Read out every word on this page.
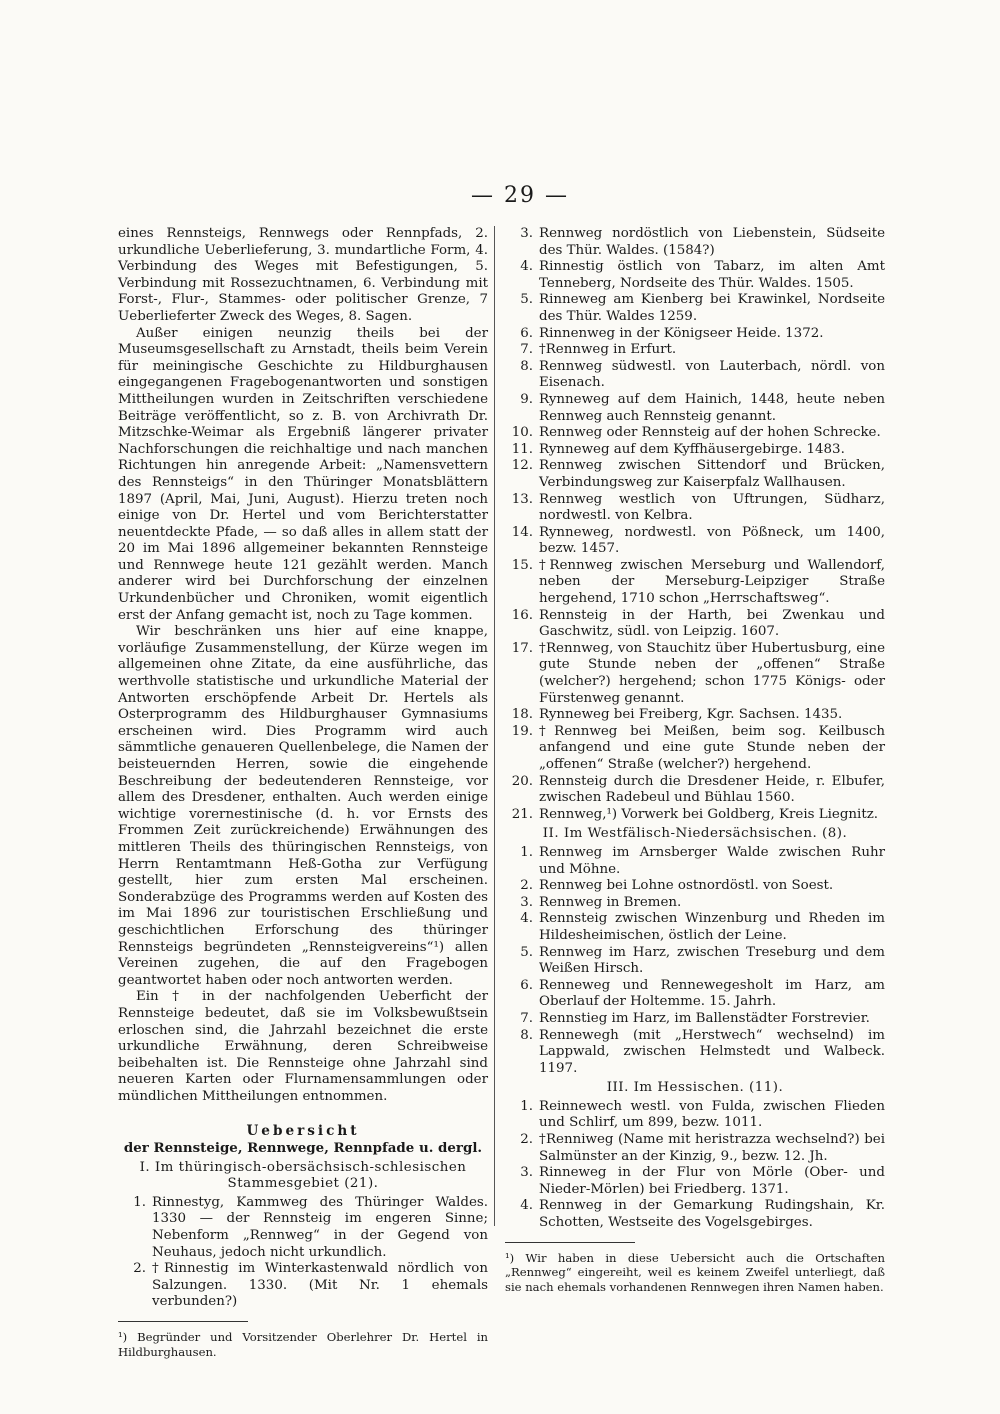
— 29 —

eines Rennsteigs, Rennwegs oder Rennpfads, 2. urkundliche Ueberlieferung, 3. mundartliche Form, 4. Verbindung des Weges mit Befestigungen, 5. Verbindung mit Rossezuchtnamen, 6. Verbindung mit Forst-, Flur-, Stammes- oder politischer Grenze, 7 Ueberlieferter Zweck des Weges, 8. Sagen.

Außer einigen neunzig theils bei der Museumsgesellschaft zu Arnstadt, theils beim Verein für meiningische Geschichte zu Hildburghausen eingegangenen Fragebogenantworten und sonstigen Mittheilungen wurden in Zeitschriften verschiedene Beiträge veröffentlicht, so z. B. von Archivrath Dr. Mitzschke-Weimar als Ergebniß längerer privater Nachforschungen die reichhaltige und nach manchen Richtungen hin anregende Arbeit: „Namensvettern des Rennsteigs“ in den Thüringer Monatsblättern 1897 (April, Mai, Juni, August). Hierzu treten noch einige von Dr. Hertel und vom Berichterstatter neuentdeckte Pfade, — so daß alles in allem statt der 20 im Mai 1896 allgemeiner bekannten Rennsteige und Rennwege heute 121 gezählt werden. Manch anderer wird bei Durchforschung der einzelnen Urkundenbücher und Chroniken, womit eigentlich erst der Anfang gemacht ist, noch zu Tage kommen.

Wir beschränken uns hier auf eine knappe, vorläufige Zusammenstellung, der Kürze wegen im allgemeinen ohne Zitate, da eine ausführliche, das werthvolle statistische und urkundliche Material der Antworten erschöpfende Arbeit Dr. Hertels als Osterprogramm des Hildburghauser Gymnasiums erscheinen wird. Dies Programm wird auch sämmtliche genaueren Quellenbelege, die Namen der beisteuernden Herren, sowie die eingehende Beschreibung der bedeutenderen Rennsteige, vor allem des Dresdener, enthalten. Auch werden einige wichtige vorernestinische (d. h. vor Ernsts des Frommen Zeit zurückreichende) Erwähnungen des mittleren Theils des thüringischen Rennsteigs, von Herrn Rentamtmann Heß-Gotha zur Verfügung gestellt, hier zum ersten Mal erscheinen. Sonderabzüge des Programms werden auf Kosten des im Mai 1896 zur touristischen Erschließung und geschichtlichen Erforschung des thüringer Rennsteigs begründeten „Rennsteigvereins“¹) allen Vereinen zugehen, die auf den Fragebogen geantwortet haben oder noch antworten werden.

Ein † in der nachfolgenden Ueberficht der Rennsteige bedeutet, daß sie im Volksbewußtsein erloschen sind, die Jahrzahl bezeichnet die erste urkundliche Erwähnung, deren Schreibweise beibehalten ist. Die Rennsteige ohne Jahrzahl sind neueren Karten oder Flurnamensammlungen oder mündlichen Mittheilungen entnommen.

Uebersicht
der Rennsteige, Rennwege, Rennpfade u. dergl.
I. Im thüringisch-obersächsisch-schlesischen Stammesgebiet (21).
1. Rinnestyg, Kammweg des Thüringer Waldes. 1330 — der Rennsteig im engeren Sinne; Nebenform „Rennweg“ in der Gegend von Neuhaus, jedoch nicht urkundlich.
2. †Rinnestig im Winterkastenwald nördlich von Salzungen. 1330. (Mit Nr. 1 ehemals verbunden?)
¹) Begründer und Vorsitzender Oberlehrer Dr. Hertel in Hildburghausen.
3. Rennweg nordöstlich von Liebenstein, Südseite des Thür. Waldes. (1584?)
4. Rinnestig östlich von Tabarz, im alten Amt Tenneberg, Nordseite des Thür. Waldes. 1505.
5. Rinneweg am Kienberg bei Krawinkel, Nordseite des Thür. Waldes 1259.
6. Rinnenweg in der Königseer Heide. 1372.
7. †Rennweg in Erfurt.
8. Rennweg südwestl. von Lauterbach, nördl. von Eisenach.
9. Rynneweg auf dem Hainich, 1448, heute neben Rennweg auch Rennsteig genannt.
10. Rennweg oder Rennsteig auf der hohen Schrecke.
11. Rynneweg auf dem Kyffhäusergebirge. 1483.
12. Rennweg zwischen Sittendorf und Brücken, Verbindungsweg zur Kaiserpfalz Wallhausen.
13. Rennweg westlich von Uftrungen, Südharz, nordwestl. von Kelbra.
14. Rynneweg, nordwestl. von Pößneck, um 1400, bezw. 1457.
15. †Rennweg zwischen Merseburg und Wallendorf, neben der Merseburg-Leipziger Straße hergehend, 1710 schon „Herrschaftsweg“.
16. Rennsteig in der Harth, bei Zwenkau und Gaschwitz, südl. von Leipzig. 1607.
17. †Rennweg, von Stauchitz über Hubertusburg, eine gute Stunde neben der „offenen“ Straße (welcher?) hergehend; schon 1775 Königs- oder Fürstenweg genannt.
18. Rynneweg bei Freiberg, Kgr. Sachsen. 1435.
19. †Rennweg bei Meißen, beim sog. Keilbusch anfangend und eine gute Stunde neben der „offenen“ Straße (welcher?) hergehend.
20. Rennsteig durch die Dresdener Heide, r. Elbufer, zwischen Radebeul und Bühlau 1560.
21. Rennweg,¹) Vorwerk bei Goldberg, Kreis Liegnitz.
II. Im Westfälisch-Niedersächsischen. (8).
1. Rennweg im Arnsberger Walde zwischen Ruhr und Möhne.
2. Rennweg bei Lohne ostnordöstl. von Soest.
3. Rennweg in Bremen.
4. Rennsteig zwischen Winzenburg und Rheden im Hildesheimischen, östlich der Leine.
5. Rennweg im Harz, zwischen Treseburg und dem Weißen Hirsch.
6. Renneweg und Rennewegesholt im Harz, am Oberlauf der Holtemme. 15. Jahrh.
7. Rennstieg im Harz, im Ballenstädter Forstrevier.
8. Rennewegh (mit „Herstwech“ wechselnd) im Lappwald, zwischen Helmstedt und Walbeck. 1197.
III. Im Hessischen. (11).
1. Reinnewech westl. von Fulda, zwischen Flieden und Schlirf, um 899, bezw. 1011.
2. †Renniweg (Name mit heristrazza wechselnd?) bei Salmünster an der Kinzig, 9., bezw. 12. Jh.
3. Rinneweg in der Flur von Mörle (Ober- und Nieder-Mörlen) bei Friedberg. 1371.
4. Rennweg in der Gemarkung Rudingshain, Kr. Schotten, Westseite des Vogelsgebirges.
¹) Wir haben in diese Uebersicht auch die Ortschaften „Rennweg“ eingereiht, weil es keinem Zweifel unterliegt, daß sie nach ehemals vorhandenen Rennwegen ihren Namen haben.
